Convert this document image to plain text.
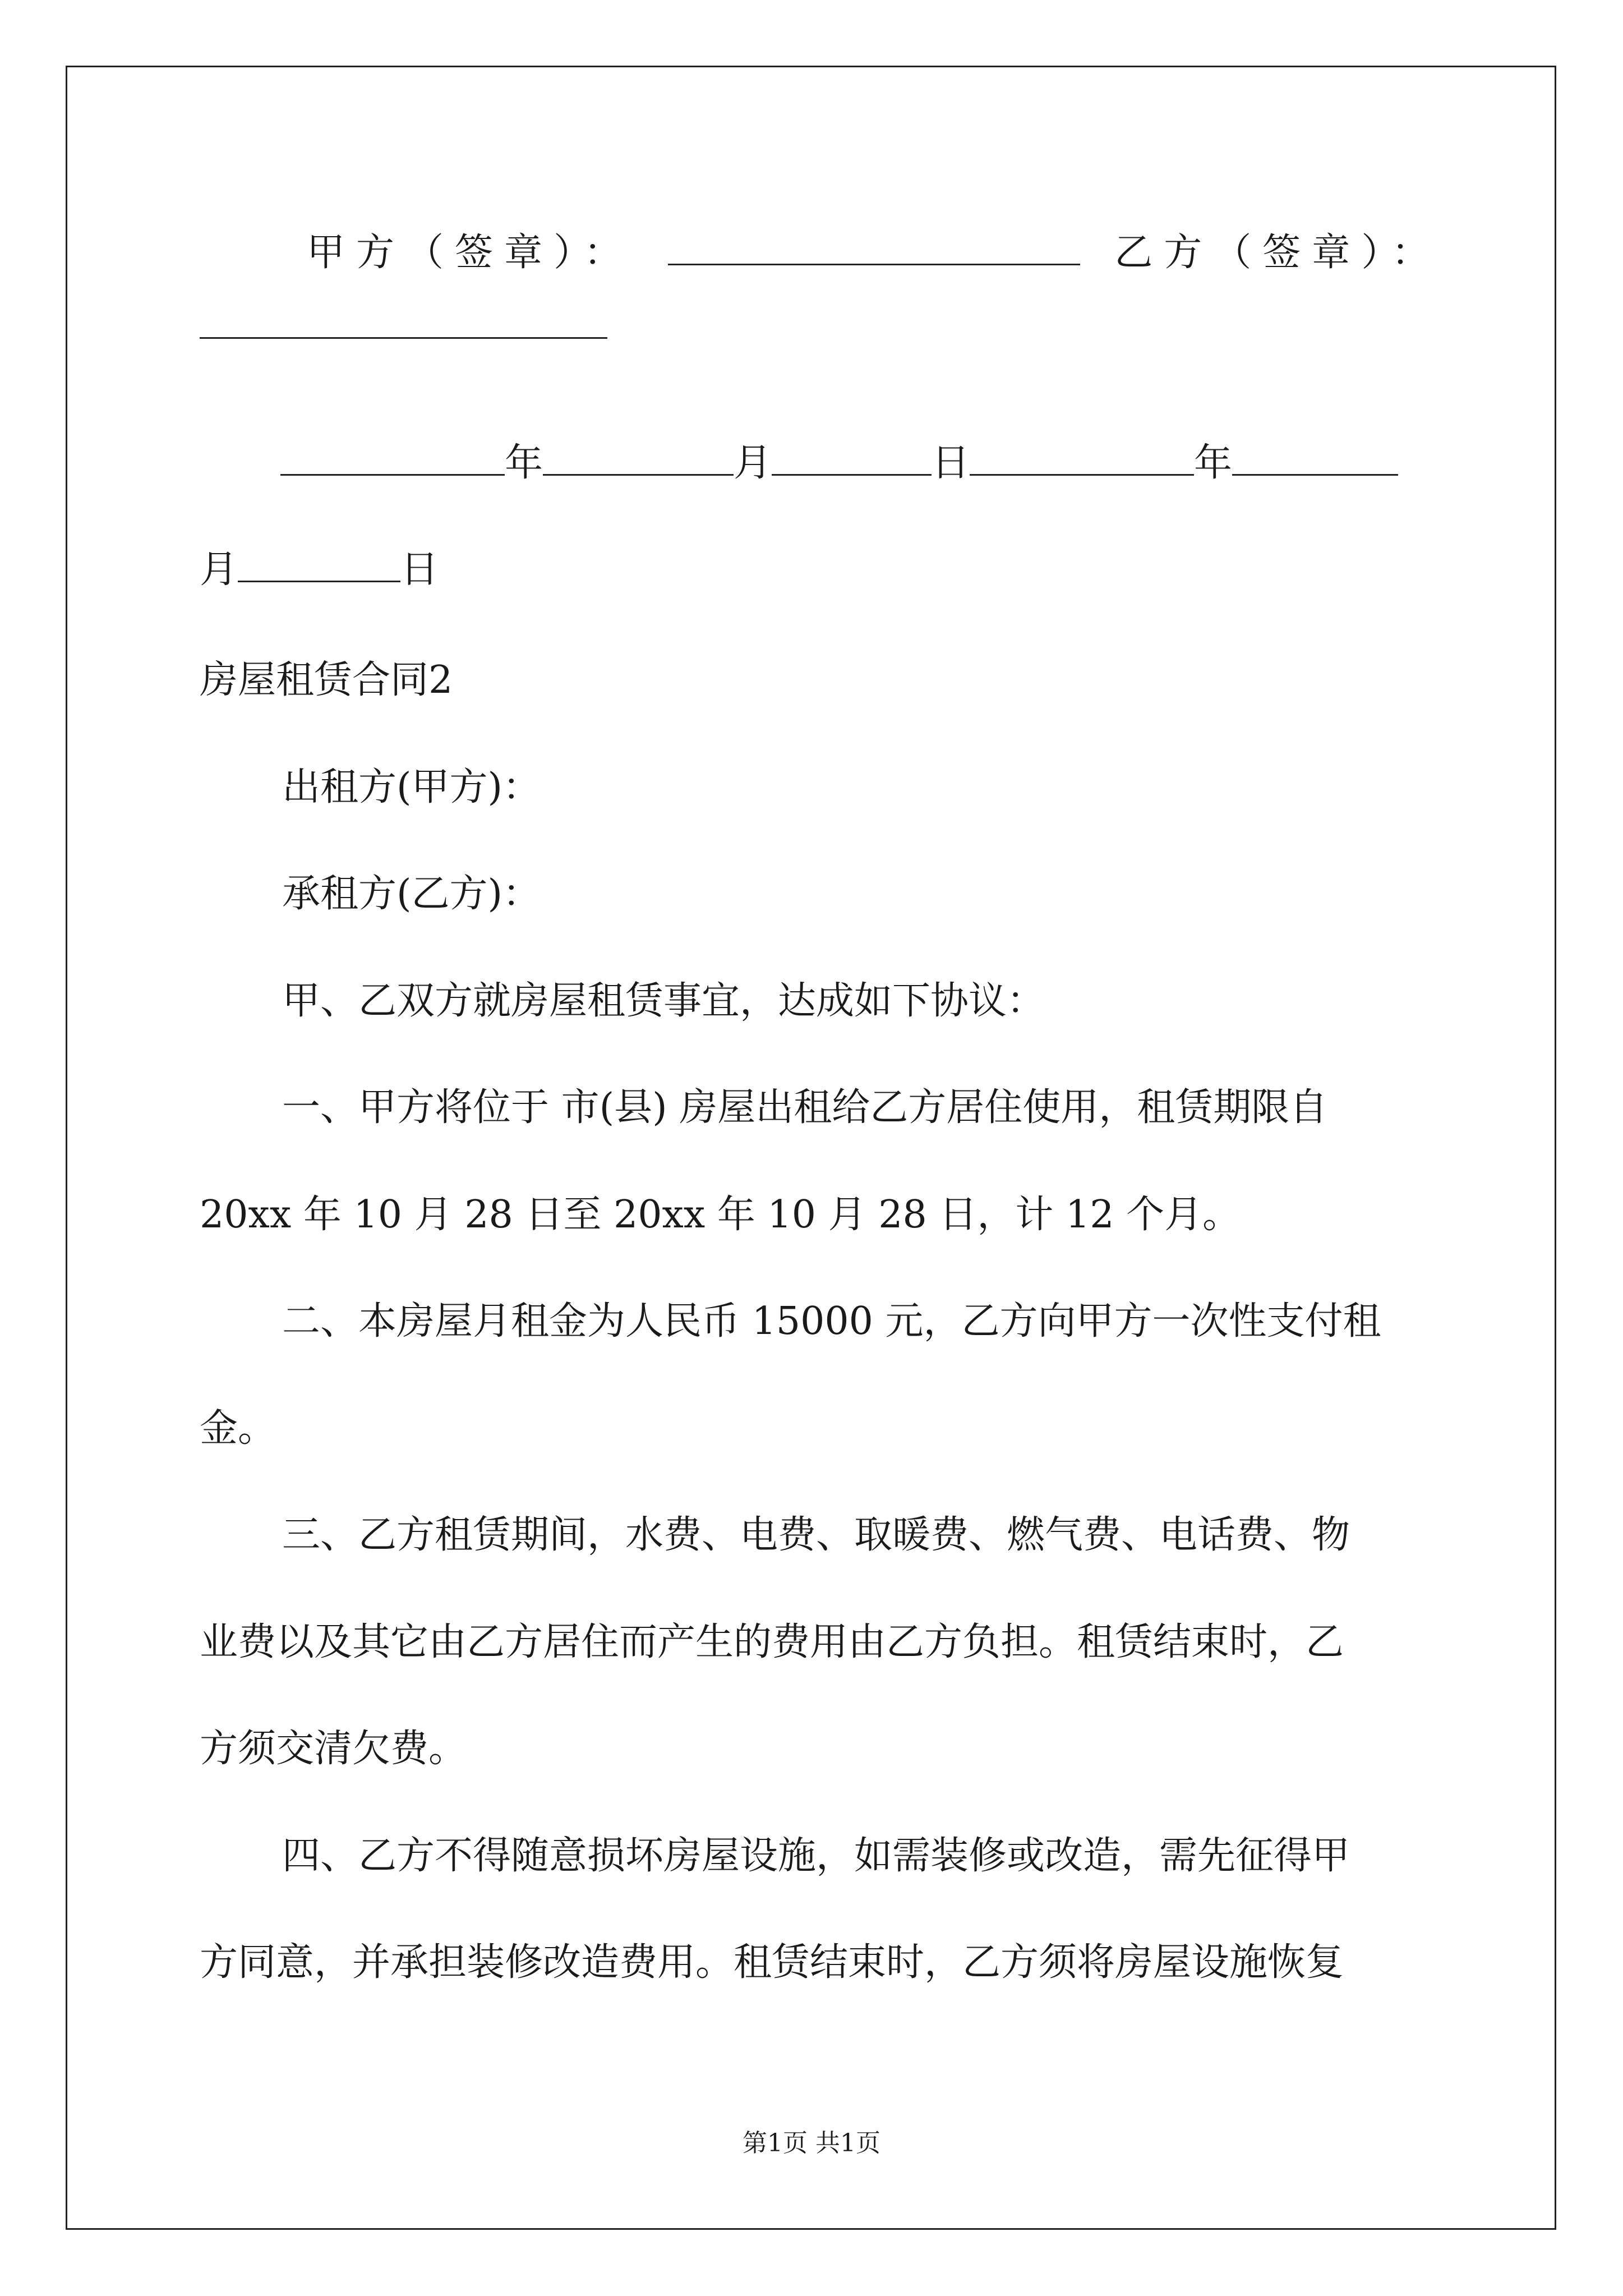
甲方（签章）：	乙方（签章）：
年	月	日	年
月	日
房屋租赁合同2
出租方(甲方)：
承租方(乙方)：
甲、乙双方就房屋租赁事宜，达成如下协议：
一、甲方将位于 市(县) 房屋出租给乙方居住使用，租赁期限自
20xx 年 10 月 28 日至 20xx 年 10 月 28 日，计 12 个月。
二、本房屋月租金为人民币 15000 元，乙方向甲方一次性支付租
金。
三、乙方租赁期间，水费、电费、取暖费、燃气费、电话费、物
业费以及其它由乙方居住而产生的费用由乙方负担。租赁结束时，乙
方须交清欠费。
四、乙方不得随意损坏房屋设施，如需装修或改造，需先征得甲
方同意，并承担装修改造费用。租赁结束时，乙方须将房屋设施恢复
第1页 共1页
